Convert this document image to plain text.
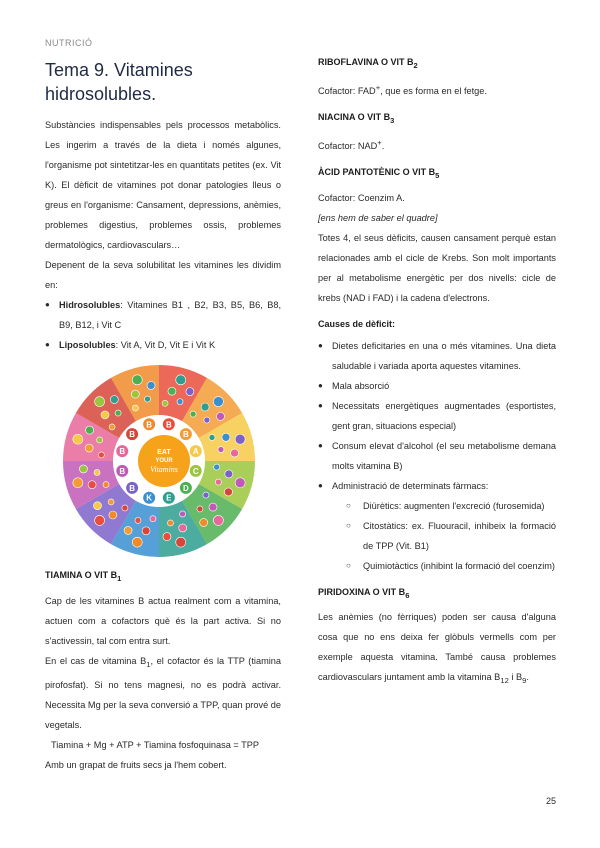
NUTRICIÓ
Tema 9. Vitamines hidrosolubles.

Substàncies indispensables pels processos metabòlics. Les ingerim a través de la dieta i només algunes, l'organisme pot sintetitzar-les en quantitats petites (ex. Vit K). El dèficit de vitamines pot donar patologies lleus o greus en l'organisme: Cansament, depressions, anèmies, problemes digestius, problemes ossis, problemes dermatològics, cardiovasculars…

Depenent de la seva solubilitat les vitamines les dividim en:

● Hidrosolubles: Vitamines B1 , B2, B3, B5, B6, B8, B9, B12, i Vit C
● Liposolubles: Vit A, Vit D, Vit E i Vit K
B
B
A
C
D
E
K
B
B
B
B
B
EAT
YOUR
Vitamins
TIAMINA O VIT $B_1$

Cap de les vitamines B actua realment com a vitamina, actuen com a cofactors què és la part activa. Si no s'activessin, tal com entra surt.

En el cas de vitamina $B_1$, el cofactor és la TTP (tiamina pirofosfat). Si no tens magnesi, no es podrà activar. Necessita Mg per la seva conversió a TPP, quan prové de vegetals.

Tiamina + Mg + ATP + Tiamina fosfoquinasa = TPP

Amb un grapat de fruits secs ja l'hem cobert.

RIBOFLAVINA O VIT $B_2$

Cofactor: FAD+, que es forma en el fetge.

NIACINA O VIT $B_3$

Cofactor: NAD+.

ÀCID PANTOTÈNIC O VIT $B_5$

Cofactor: Coenzim A.

[ens hem de saber el quadre]

Totes 4, el seus dèficits, causen cansament perquè estan relacionades amb el cicle de Krebs. Son molt importants per al metabolisme energètic per dos nivells: cicle de krebs (NAD i FAD) i la cadena d'electrons.

Causes de dèficit:
● Dietes deficitaries en una o més vitamines. Una dieta saludable i variada aporta aquestes vitamines.
● Mala absorció
● Necessitats energètiques augmentades (esportistes, gent gran, situacions especial)
● Consum elevat d'alcohol (el seu metabolisme demana molts vitamina B)
● Administració de determinats fàrmacs:
○ Diürètics: augmenten l'excreció (furosemida)
○ Citostàtics: ex. Fluouracil, inhibeix la formació de TPP (Vit. B1)
○ Quimiotàctics (inhibint la formació del coenzim)
PIRIDOXINA O VIT $B_6$

Les anèmies (no fèrriques) poden ser causa d'alguna cosa que no ens deixa fer glòbuls vermells com per exemple aquesta vitamina. També causa problemes cardiovasculars juntament amb la vitamina $B_{12}$ i $B_9$.

25
